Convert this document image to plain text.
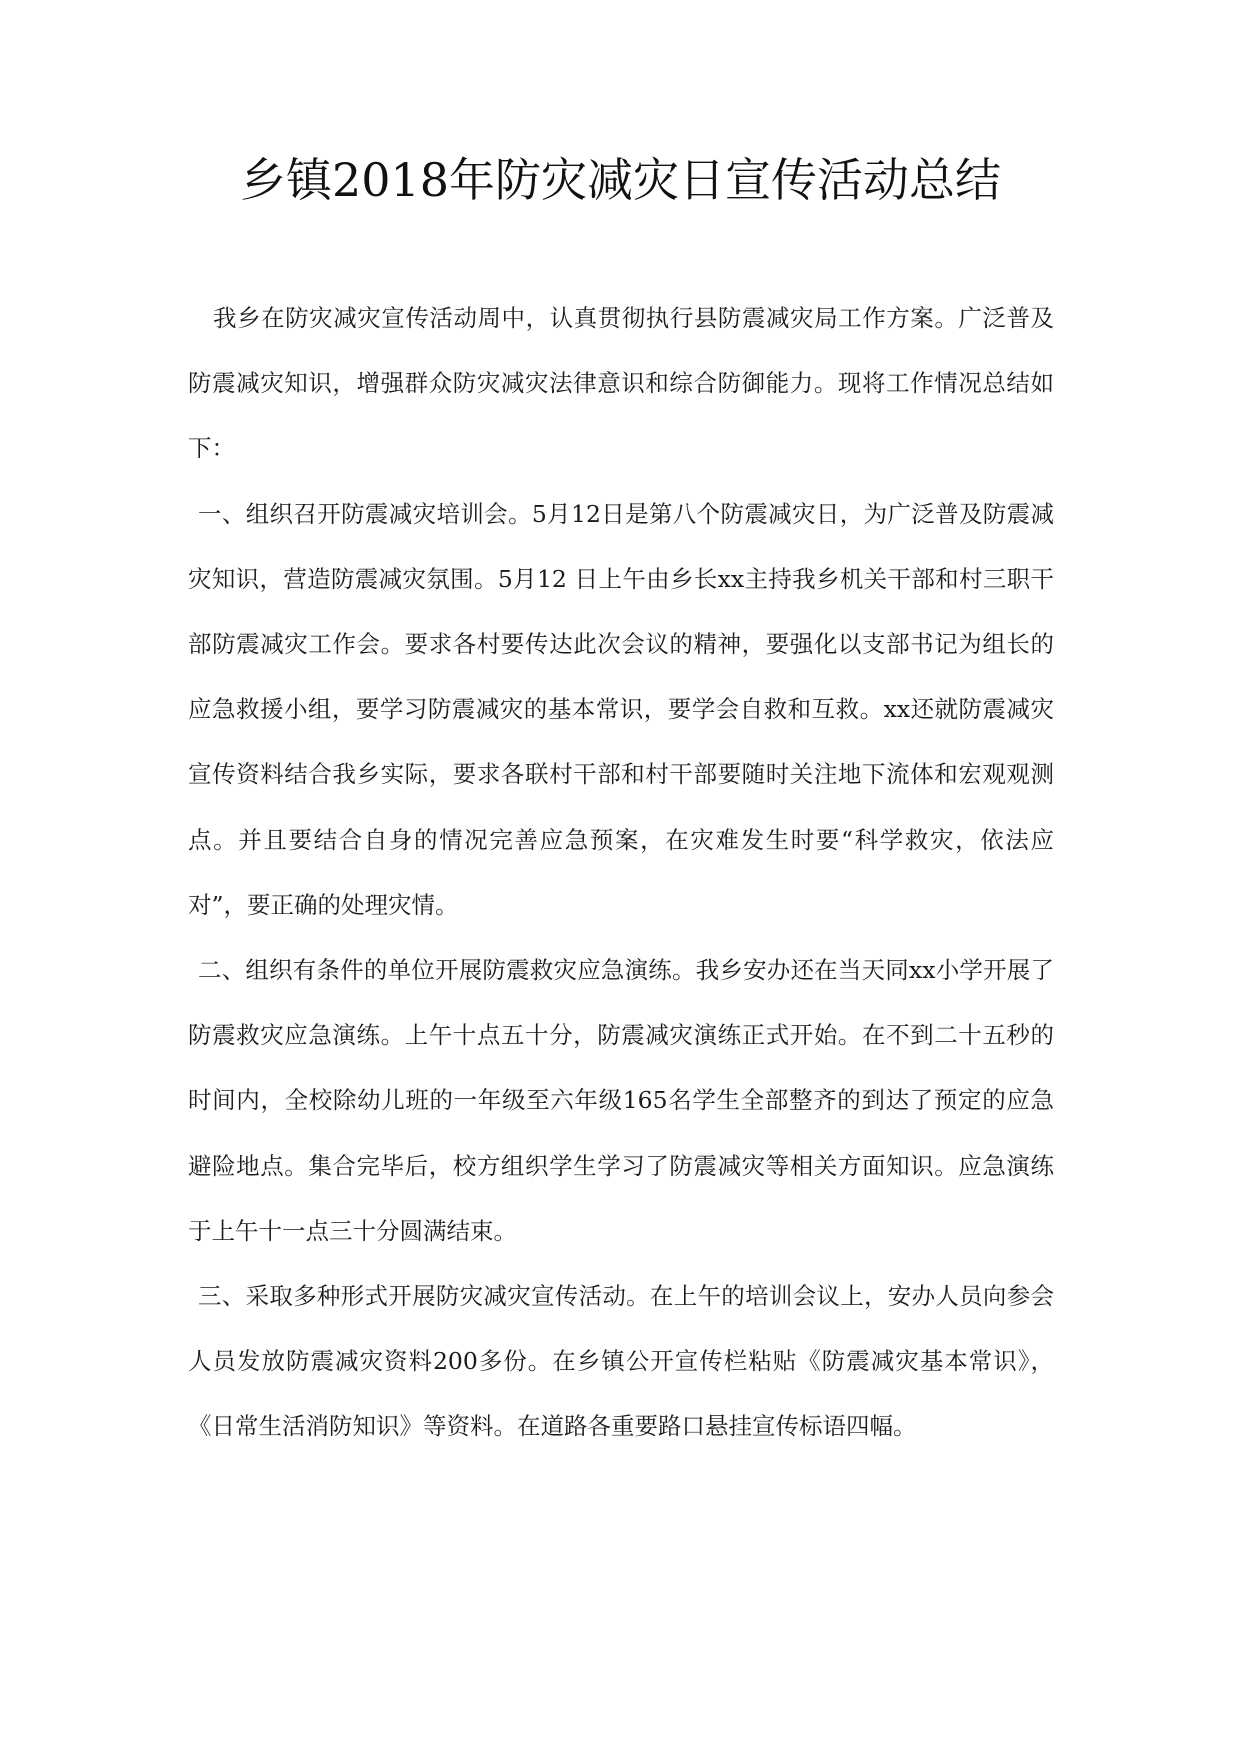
乡镇2018年防灾减灾日宣传活动总结

我乡在防灾减灾宣传活动周中，认真贯彻执行县防震减灾局工作方案。广泛普及防震减灾知识，增强群众防灾减灾法律意识和综合防御能力。现将工作情况总结如下：

一、组织召开防震减灾培训会。5月12日是第八个防震减灾日，为广泛普及防震减灾知识，营造防震减灾氛围。5月12 日上午由乡长xx主持我乡机关干部和村三职干部防震减灾工作会。要求各村要传达此次会议的精神，要强化以支部书记为组长的应急救援小组，要学习防震减灾的基本常识，要学会自救和互救。xx还就防震减灾宣传资料结合我乡实际，要求各联村干部和村干部要随时关注地下流体和宏观观测点。并且要结合自身的情况完善应急预案，在灾难发生时要“科学救灾，依法应对”，要正确的处理灾情。

二、组织有条件的单位开展防震救灾应急演练。我乡安办还在当天同xx小学开展了防震救灾应急演练。上午十点五十分，防震减灾演练正式开始。在不到二十五秒的时间内，全校除幼儿班的一年级至六年级165名学生全部整齐的到达了预定的应急避险地点。集合完毕后，校方组织学生学习了防震减灾等相关方面知识。应急演练于上午十一点三十分圆满结束。

三、采取多种形式开展防灾减灾宣传活动。在上午的培训会议上，安办人员向参会人员发放防震减灾资料200多份。在乡镇公开宣传栏粘贴《防震减灾基本常识》，《日常生活消防知识》等资料。在道路各重要路口悬挂宣传标语四幅。
